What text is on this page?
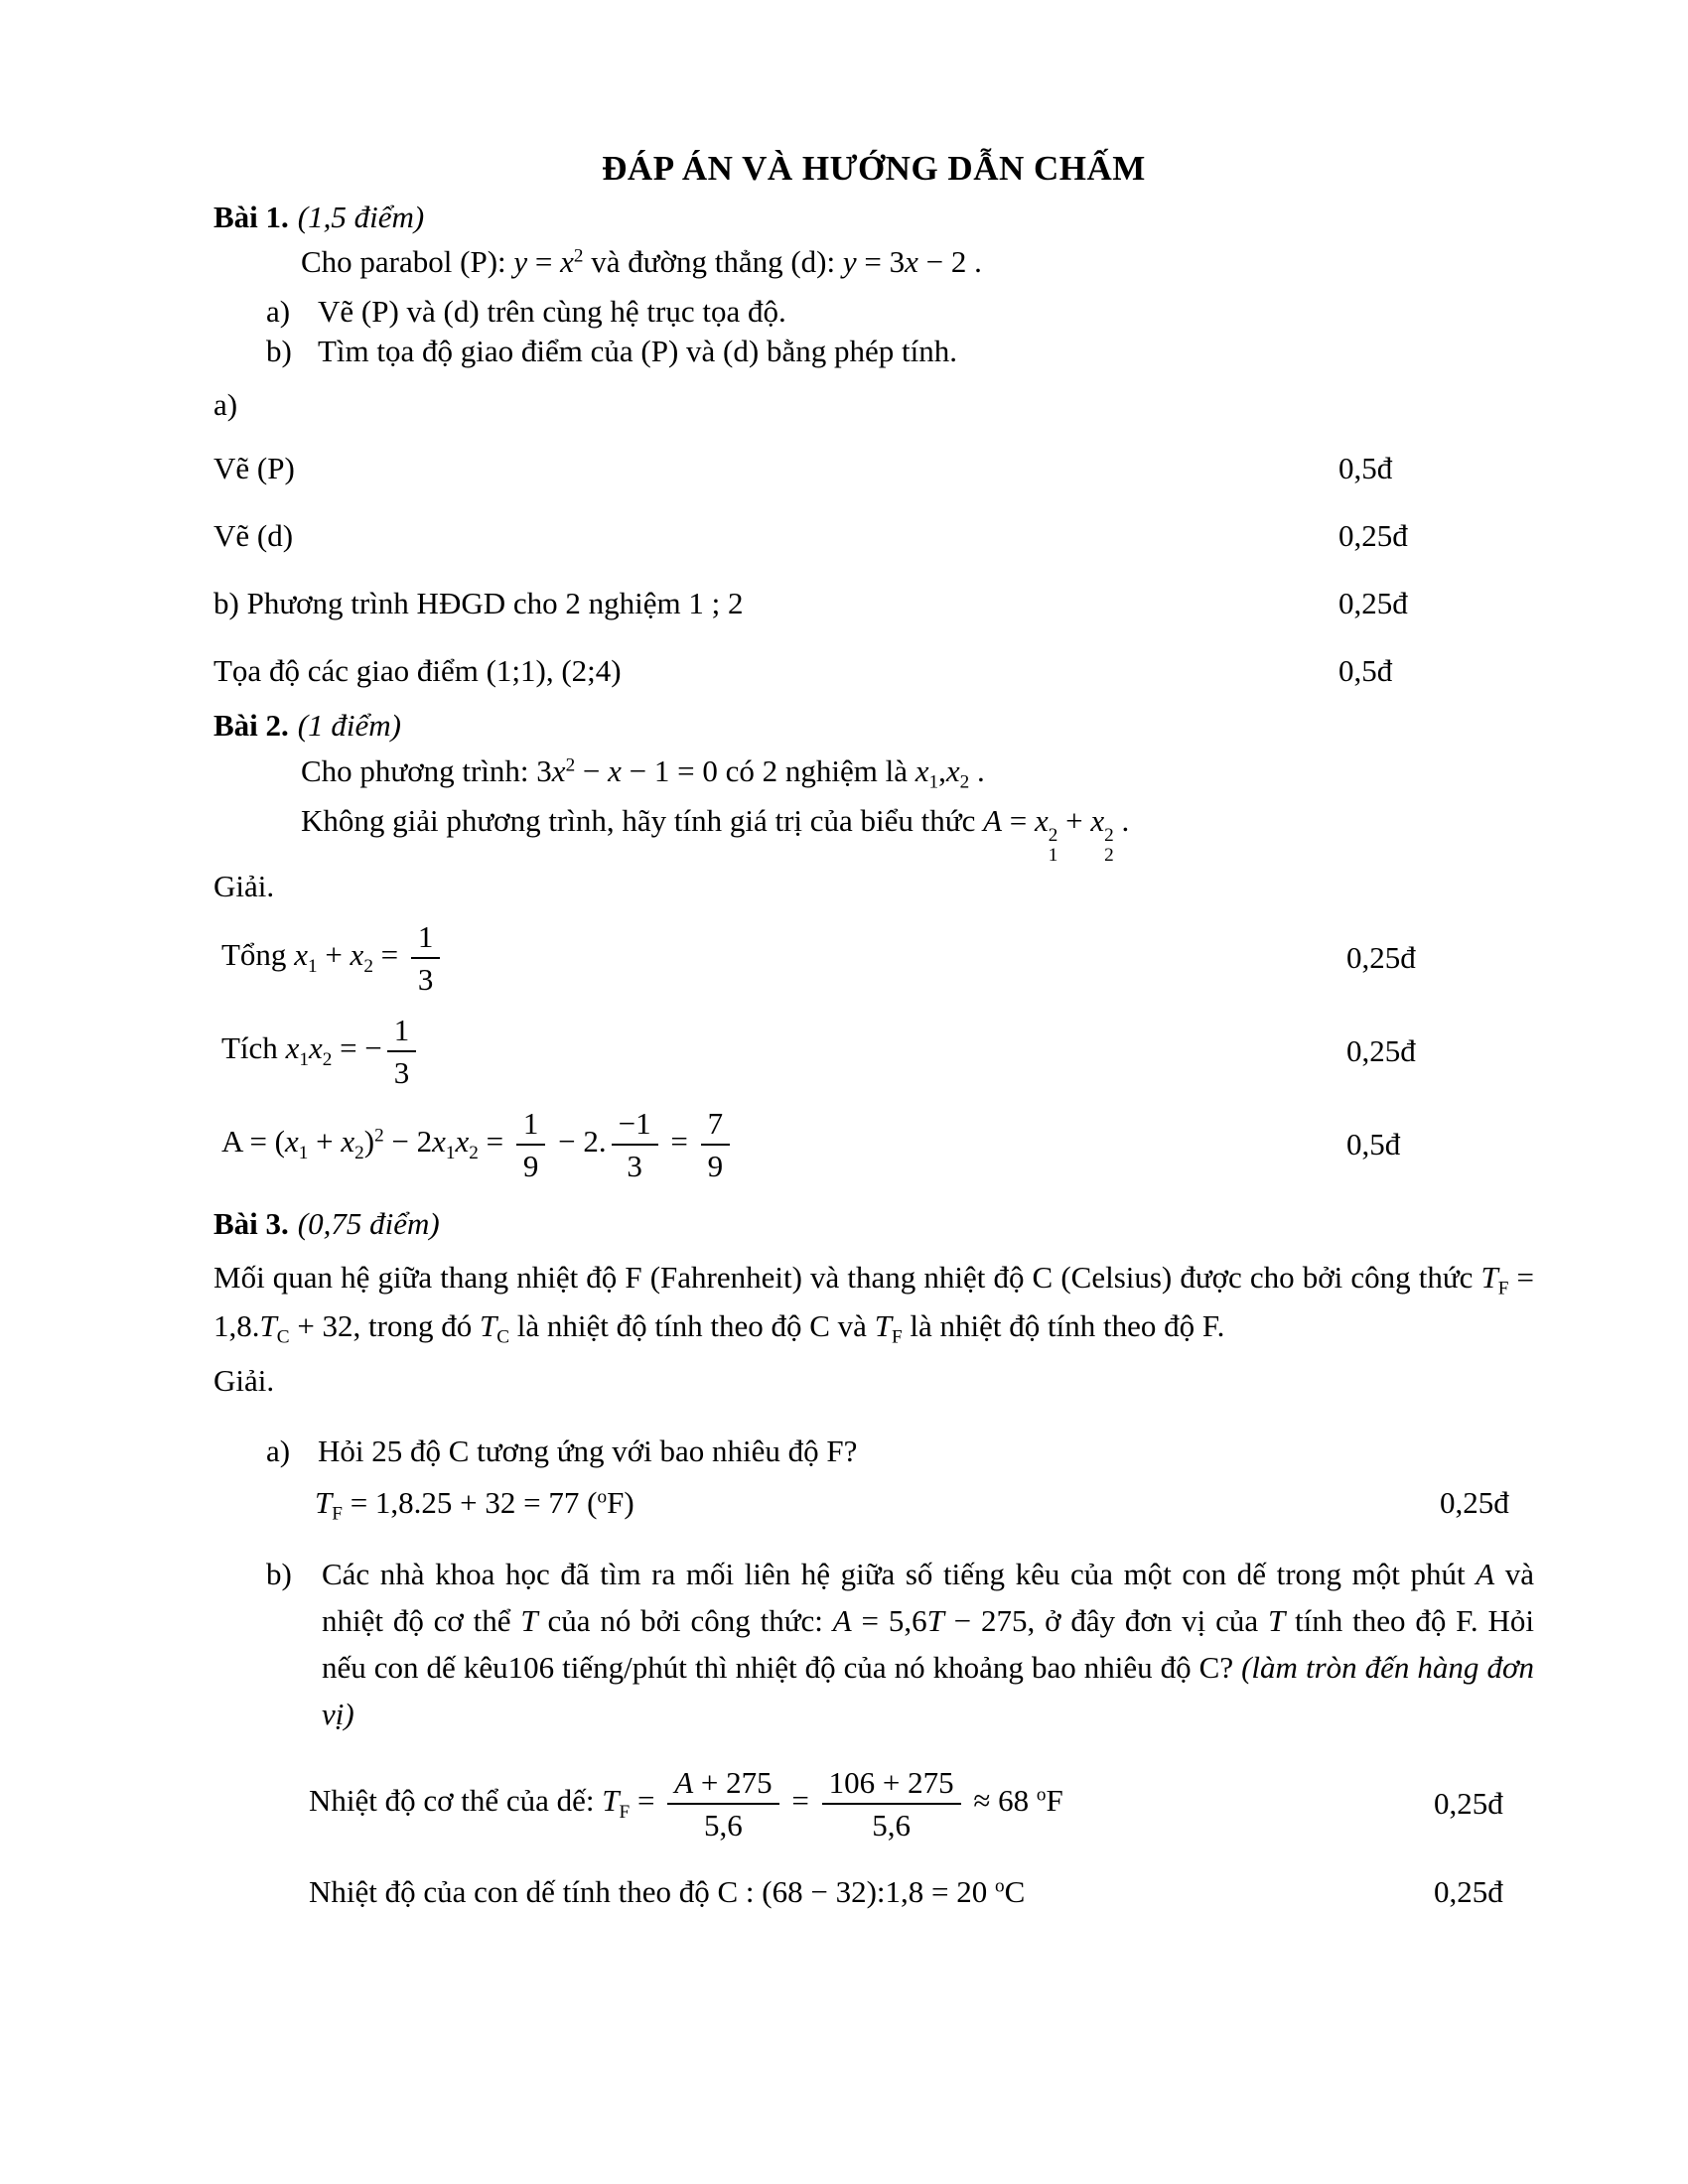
ĐÁP ÁN VÀ HƯỚNG DẪN CHẤM
Bài 1. (1,5 điểm)
Cho parabol (P): $y = x^2$ và đường thẳng (d): y = 3x − 2 .
a) Vẽ (P) và (d) trên cùng hệ trục tọa độ.
b) Tìm tọa độ giao điểm của (P) và (d) bằng phép tính.
a)
Vẽ (P)	0,5đ
Vẽ (d)	0,25đ
b) Phương trình HĐGD cho 2 nghiệm 1 ; 2	0,25đ
Tọa độ các giao điểm (1;1), (2;4)	0,5đ
Bài 2. (1 điểm)
Cho phương trình: $3x^2 - x - 1 = 0$ có 2 nghiệm là $x_1,x_2$ .
Không giải phương trình, hãy tính giá trị của biểu thức A = x 2
1
+ x 2
2
.
Giải.
Tổng $x_1 + x_2 = \frac{1}{3}$	0,25đ
Tích $x_1x_2$ = − $\frac{1}{3}$	0,25đ
$A = (x_1 + x_2)^2 - 2x_1x_2 = \frac{1}{9} - 2$. $\frac{-1}{3} = \frac{7}{9}$	0,5đ
Bài 3. (0,75 điểm)
Mối quan hệ giữa thang nhiệt độ F (Fahrenheit) và thang nhiệt độ C (Celsius) được cho bởi công thức $T_F = 1,8.T_C + 32$, trong đó $T_C$ là nhiệt độ tính theo độ C và $T_F$ là nhiệt độ tính theo độ F.
Giải.
a) Hỏi 25 độ C tương ứng với bao nhiêu độ F?
$T_F = 1,8.25 + 32 = 77$ ($^o$F)	0,25đ
b) Các nhà khoa học đã tìm ra mối liên hệ giữa số tiếng kêu của một con dế trong một phút A và nhiệt độ cơ thể T của nó bởi công thức: A = 5,6T − 275, ở đây đơn vị của T tính theo độ F. Hỏi nếu con dế kêu106 tiếng/phút thì nhiệt độ của nó khoảng bao nhiêu độ C? (làm tròn đến hàng đơn vị)
Nhiệt độ cơ thể của dế: $T_F = \frac{A + 275}{5,6} = \frac{106 + 275}{5,6} \approx 68$ $^o$F	0,25đ
Nhiệt độ của con dế tính theo độ C : (68 − 32):1,8 = 20 $^o$C	0,25đ
